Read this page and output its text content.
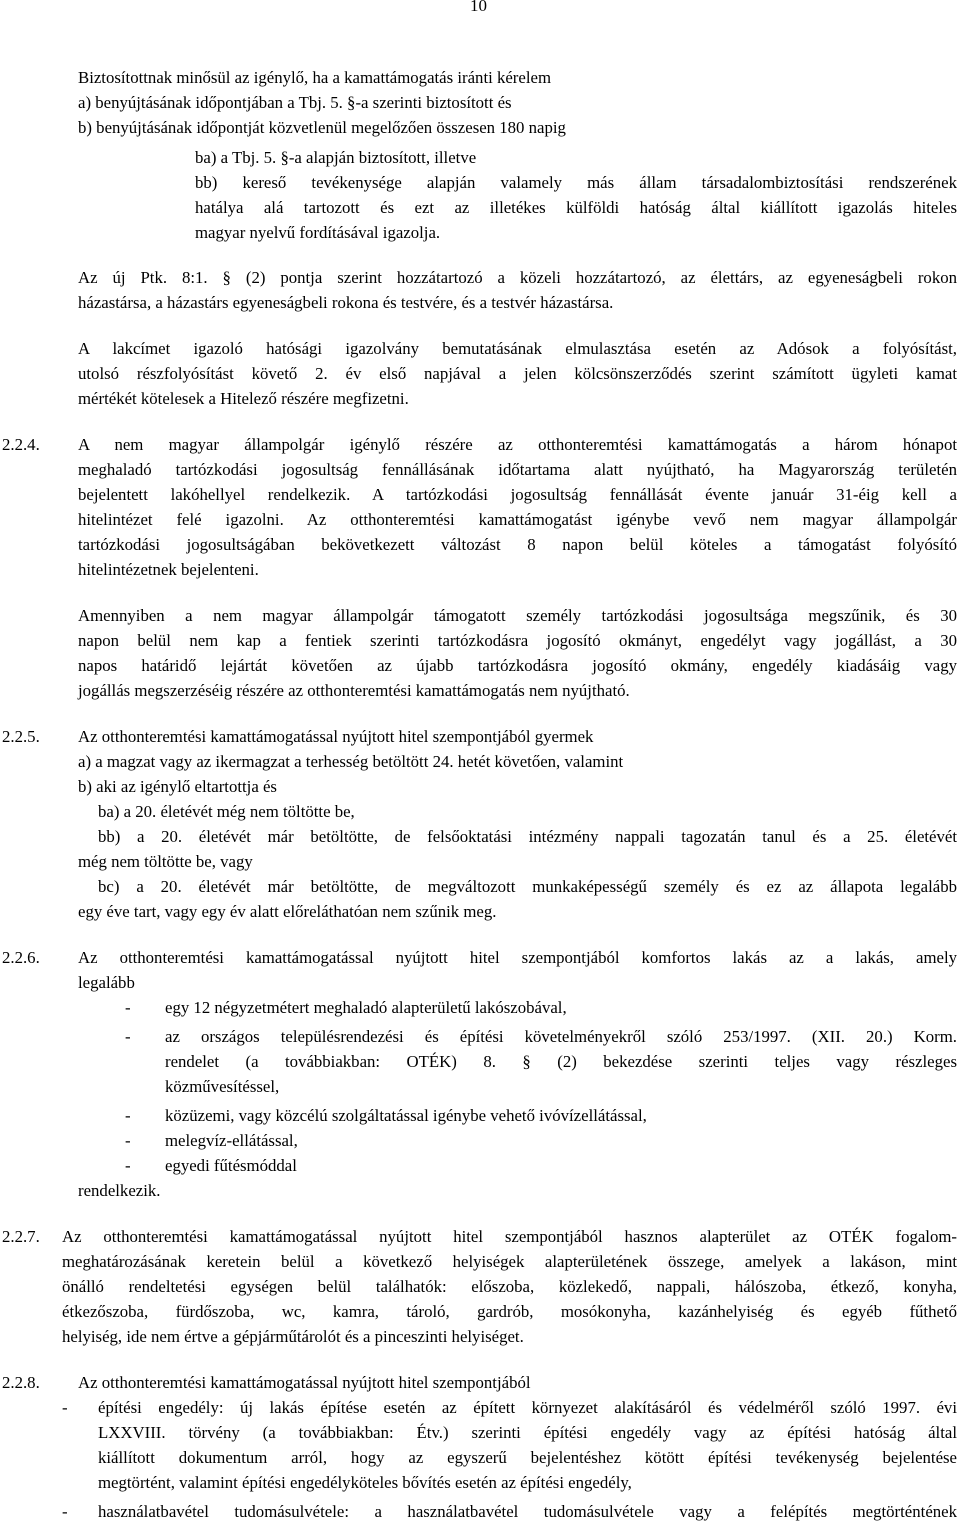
10
Biztosítottnak minősül az igénylő, ha a kamattámogatás iránti kérelem
a) benyújtásának időpontjában a Tbj. 5. §-a szerinti biztosított és
b) benyújtásának időpontját közvetlenül megelőzően összesen 180 napig
ba) a Tbj. 5. §-a alapján biztosított, illetve
bb) kereső tevékenysége alapján valamely más állam társadalombiztosítási rendszerének
hatálya alá tartozott és ezt az illetékes külföldi hatóság által kiállított igazolás hiteles
magyar nyelvű fordításával igazolja.
Az új Ptk. 8:1. § (2) pontja szerint hozzátartozó a közeli hozzátartozó, az élettárs, az egyeneságbeli rokon
házastársa, a házastárs egyeneságbeli rokona és testvére, és a testvér házastársa.
A lakcímet igazoló hatósági igazolvány bemutatásának elmulasztása esetén az Adósok a folyósítást,
utolsó részfolyósítást követő 2. év első napjával a jelen kölcsönszerződés szerint számított ügyleti kamat
mértékét kötelesek a Hitelező részére megfizetni.
2.2.4. A nem magyar állampolgár igénylő részére az otthonteremtési kamattámogatás a három hónapot
meghaladó tartózkodási jogosultság fennállásának időtartama alatt nyújtható, ha Magyarország területén
bejelentett lakóhellyel rendelkezik. A tartózkodási jogosultság fennállását évente január 31-éig kell a
hitelintézet felé igazolni. Az otthonteremtési kamattámogatást igénybe vevő nem magyar állampolgár
tartózkodási jogosultságában bekövetkezett változást 8 napon belül köteles a támogatást folyósító
hitelintézetnek bejelenteni.
Amennyiben a nem magyar állampolgár támogatott személy tartózkodási jogosultsága megszűnik, és 30
napon belül nem kap a fentiek szerinti tartózkodásra jogosító okmányt, engedélyt vagy jogállást, a 30
napos határidő lejártát követően az újabb tartózkodásra jogosító okmány, engedély kiadásáig vagy
jogállás megszerzéséig részére az otthonteremtési kamattámogatás nem nyújtható.
2.2.5. Az otthonteremtési kamattámogatással nyújtott hitel szempontjából gyermek
a) a magzat vagy az ikermagzat a terhesség betöltött 24. hetét követően, valamint
b) aki az igénylő eltartottja és
ba) a 20. életévét még nem töltötte be,
bb) a 20. életévét már betöltötte, de felsőoktatási intézmény nappali tagozatán tanul és a 25. életévét
még nem töltötte be, vagy
bc) a 20. életévét már betöltötte, de megváltozott munkaképességű személy és ez az állapota legalább
egy éve tart, vagy egy év alatt előreláthatóan nem szűnik meg.
2.2.6. Az otthonteremtési kamattámogatással nyújtott hitel szempontjából komfortos lakás az a lakás, amely
legalább
- egy 12 négyzetmétert meghaladó alapterületű lakószobával,
- az országos településrendezési és építési követelményekről szóló 253/1997. (XII. 20.) Korm.
rendelet (a továbbiakban: OTÉK) 8. § (2) bekezdése szerinti teljes vagy részleges
közművesítéssel,
- közüzemi, vagy közcélú szolgáltatással igénybe vehető ivóvízellátással,
- melegvíz-ellátással,
- egyedi fűtésmóddal
rendelkezik.
2.2.7. Az otthonteremtési kamattámogatással nyújtott hitel szempontjából hasznos alapterület az OTÉK fogalom-
meghatározásának keretein belül a következő helyiségek alapterületének összege, amelyek a lakáson, mint
önálló rendeltetési egységen belül találhatók: előszoba, közlekedő, nappali, hálószoba, étkező, konyha,
étkezőszoba, fürdőszoba, wc, kamra, tároló, gardrób, mosókonyha, kazánhelyiség és egyéb fűthető
helyiség, ide nem értve a gépjárműtárolót és a pinceszinti helyiséget.
2.2.8. Az otthonteremtési kamattámogatással nyújtott hitel szempontjából
- építési engedély: új lakás építése esetén az épített környezet alakításáról és védelméről szóló 1997. évi
LXXVIII. törvény (a továbbiakban: Étv.) szerinti építési engedély vagy az építési hatóság által
kiállított dokumentum arról, hogy az egyszerű bejelentéshez kötött építési tevékenység bejelentése
megtörtént, valamint építési engedélyköteles bővítés esetén az építési engedély,
- használatbavétel tudomásulvétele: a használatbavétel tudomásulvétele vagy a felépítés megtörténtének
